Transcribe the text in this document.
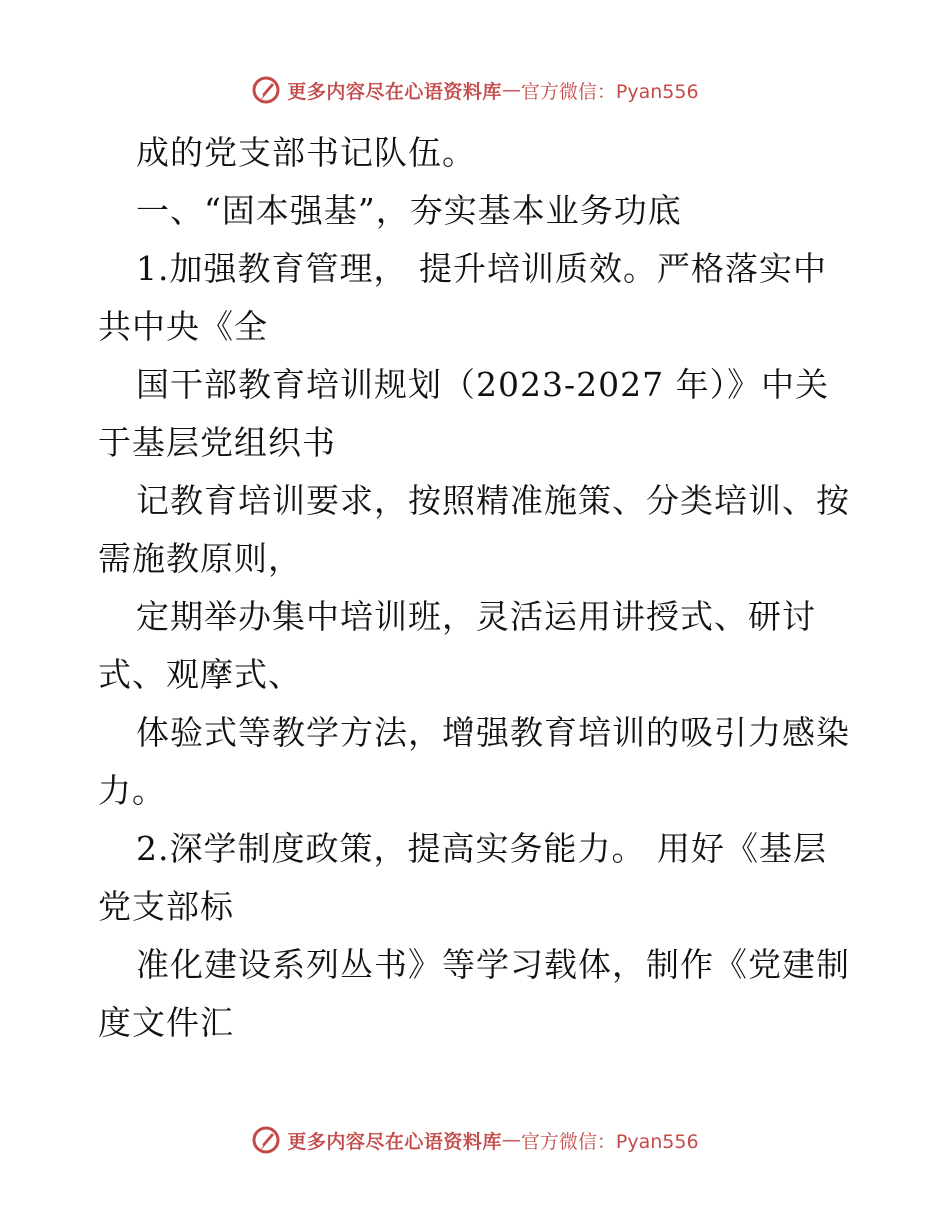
更多内容尽在心语资料库 — 官方微信：Pyan556
成的党支部书记队伍。
一、“固本强基”，夯实基本业务功底
1.加强教育管理， 提升培训质效。严格落实中
共中央《全
国干部教育培训规划（2023-2027 年）》中关
于基层党组织书
记教育培训要求，按照精准施策、分类培训、按
需施教原则，
定期举办集中培训班，灵活运用讲授式、研讨
式、观摩式、
体验式等教学方法，增强教育培训的吸引力感染
力。
2.深学制度政策，提高实务能力。 用好《基层
党支部标
准化建设系列丛书》等学习载体，制作《党建制
度文件汇
更多内容尽在心语资料库 — 官方微信：Pyan556
